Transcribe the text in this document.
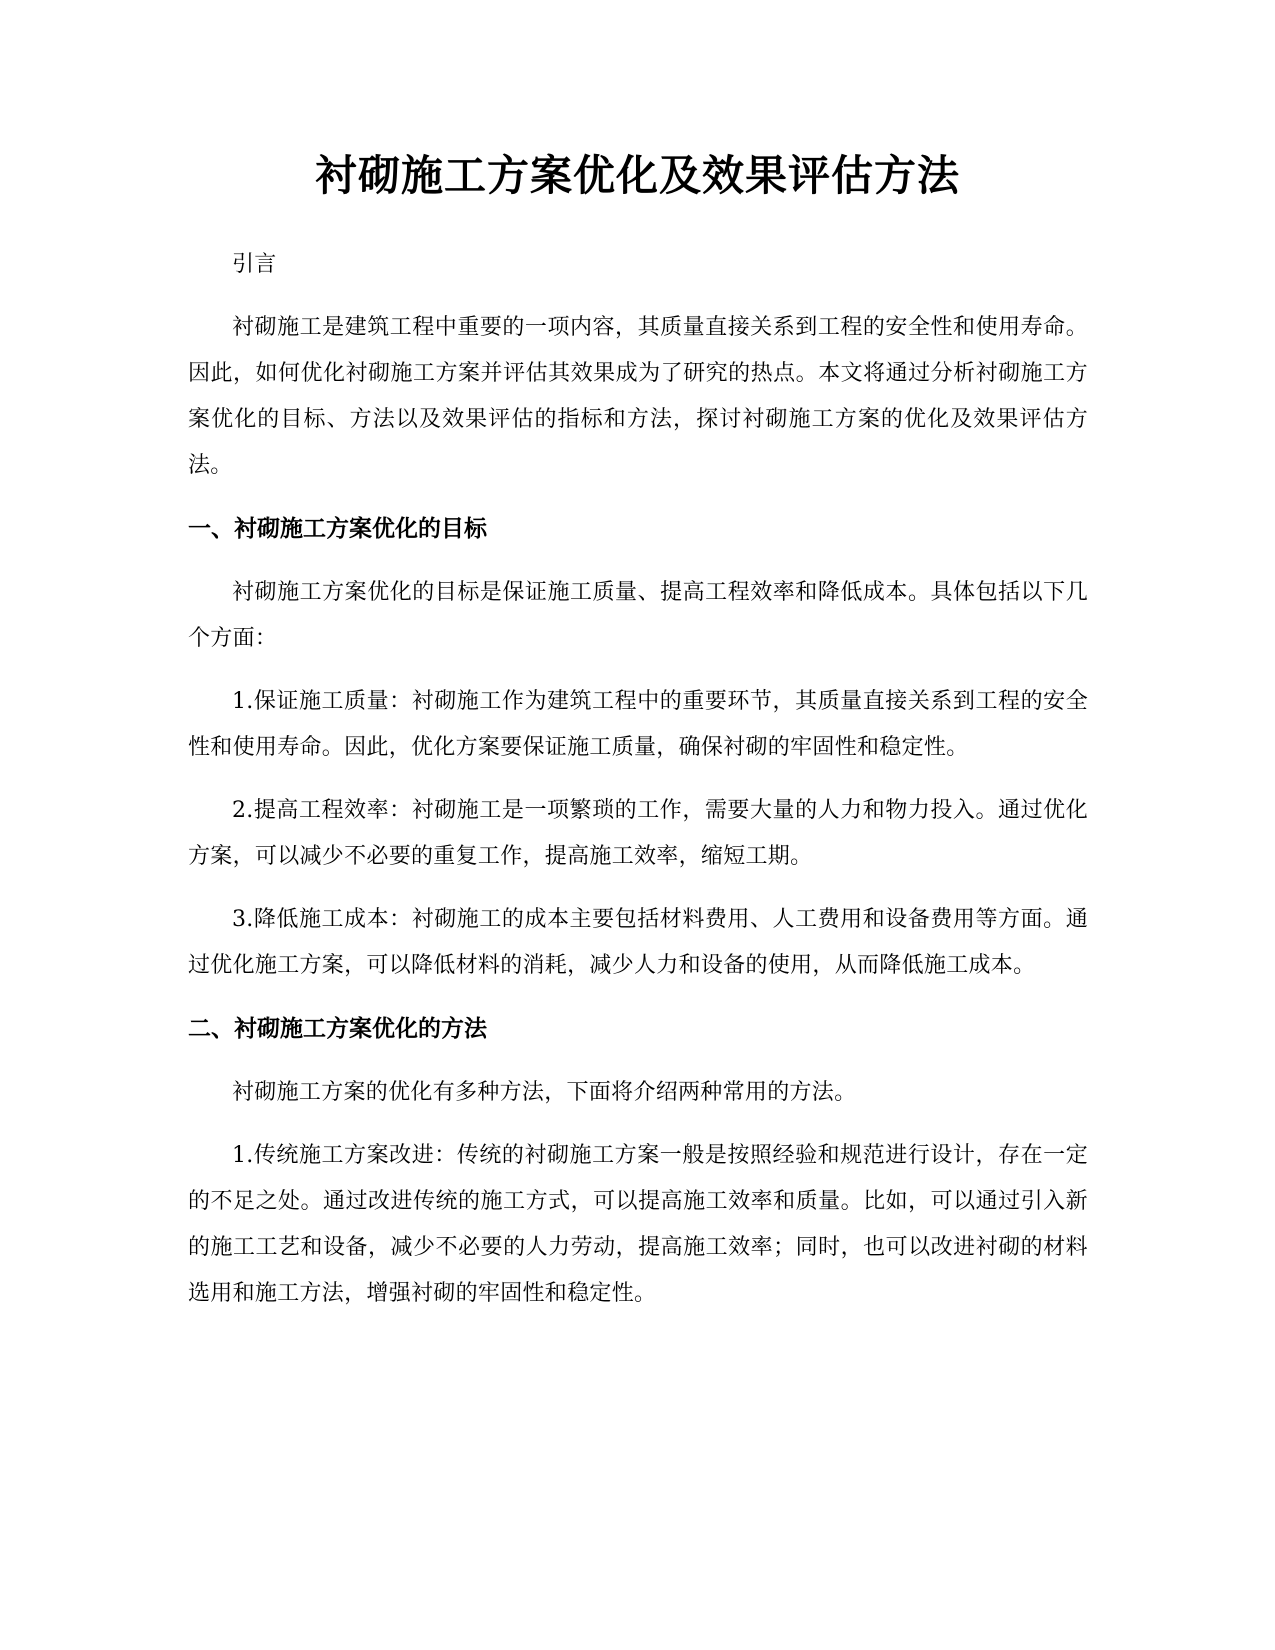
衬砌施工方案优化及效果评估方法

引言

衬砌施工是建筑工程中重要的一项内容，其质量直接关系到工程的安全性和使用寿命。因此，如何优化衬砌施工方案并评估其效果成为了研究的热点。本文将通过分析衬砌施工方案优化的目标、方法以及效果评估的指标和方法，探讨衬砌施工方案的优化及效果评估方法。

一、衬砌施工方案优化的目标

衬砌施工方案优化的目标是保证施工质量、提高工程效率和降低成本。具体包括以下几个方面：

1.保证施工质量：衬砌施工作为建筑工程中的重要环节，其质量直接关系到工程的安全性和使用寿命。因此，优化方案要保证施工质量，确保衬砌的牢固性和稳定性。

2.提高工程效率：衬砌施工是一项繁琐的工作，需要大量的人力和物力投入。通过优化方案，可以减少不必要的重复工作，提高施工效率，缩短工期。

3.降低施工成本：衬砌施工的成本主要包括材料费用、人工费用和设备费用等方面。通过优化施工方案，可以降低材料的消耗，减少人力和设备的使用，从而降低施工成本。

二、衬砌施工方案优化的方法

衬砌施工方案的优化有多种方法，下面将介绍两种常用的方法。

1.传统施工方案改进：传统的衬砌施工方案一般是按照经验和规范进行设计，存在一定的不足之处。通过改进传统的施工方式，可以提高施工效率和质量。比如，可以通过引入新的施工工艺和设备，减少不必要的人力劳动，提高施工效率；同时，也可以改进衬砌的材料选用和施工方法，增强衬砌的牢固性和稳定性。
